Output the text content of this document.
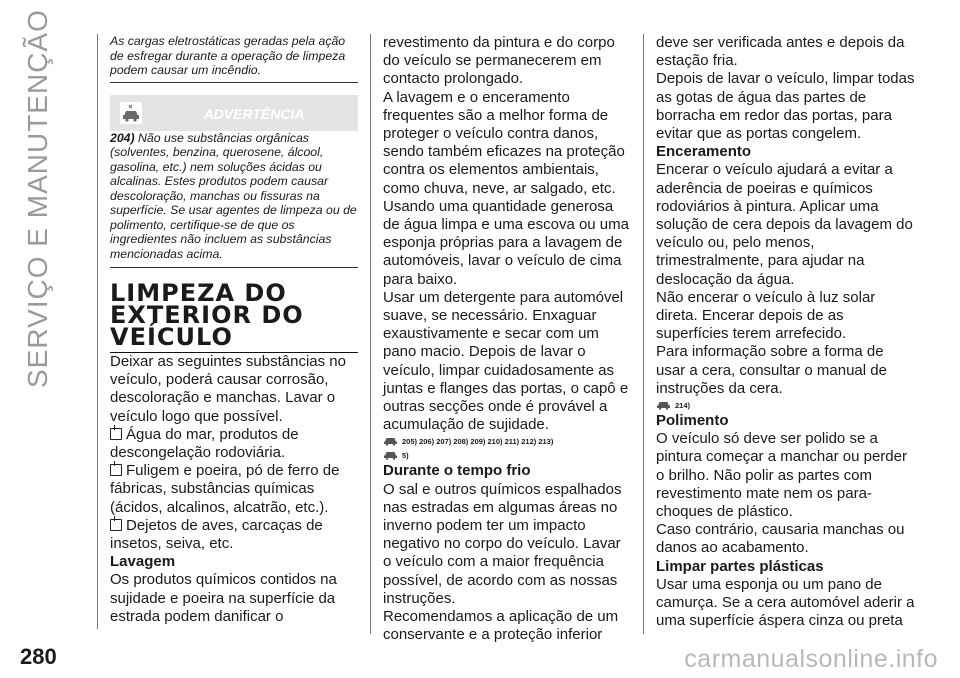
SERVIÇO E MANUTENÇÃO	As cargas eletrostáticas geradas pela ação de esfregar durante a operação de limpeza podem causar um incêndio.

ADVERTÊNCIA

204) Não use substâncias orgânicas (solventes, benzina, querosene, álcool, gasolina, etc.) nem soluções ácidas ou alcalinas. Estes produtos podem causar descoloração, manchas ou fissuras na superfície. Se usar agentes de limpeza ou de polimento, certifique-se de que os ingredientes não incluem as substâncias mencionadas acima.

LIMPEZA DO
EXTERIOR DO
VEÍCULO

Deixar as seguintes substâncias no veículo, poderá causar corrosão, descoloração e manchas. Lavar o veículo logo que possível.

Água do mar, produtos de descongelação rodoviária.

Fuligem e poeira, pó de ferro de fábricas, substâncias químicas (ácidos, alcalinos, alcatrão, etc.).

Dejetos de aves, carcaças de insetos, seiva, etc.

Lavagem

Os produtos químicos contidos na sujidade e poeira na superfície da estrada podem danificar o

revestimento da pintura e do corpo do veículo se permanecerem em contacto prolongado.

A lavagem e o enceramento frequentes são a melhor forma de proteger o veículo contra danos, sendo também eficazes na proteção contra os elementos ambientais, como chuva, neve, ar salgado, etc.

Usando uma quantidade generosa de água limpa e uma escova ou uma esponja próprias para a lavagem de automóveis, lavar o veículo de cima para baixo.

Usar um detergente para automóvel suave, se necessário. Enxaguar exaustivamente e secar com um pano macio. Depois de lavar o veículo, limpar cuidadosamente as juntas e flanges das portas, o capô e outras secções onde é provável a acumulação de sujidade.

205) 206) 207) 208) 209) 210) 211) 212) 213)
5)

Durante o tempo frio

O sal e outros químicos espalhados nas estradas em algumas áreas no inverno podem ter um impacto negativo no corpo do veículo. Lavar o veículo com a maior frequência possível, de acordo com as nossas instruções.

Recomendamos a aplicação de um conservante e a proteção inferior

deve ser verificada antes e depois da estação fria.

Depois de lavar o veículo, limpar todas as gotas de água das partes de borracha em redor das portas, para evitar que as portas congelem.

Enceramento

Encerar o veículo ajudará a evitar a aderência de poeiras e químicos rodoviários à pintura. Aplicar uma solução de cera depois da lavagem do veículo ou, pelo menos, trimestralmente, para ajudar na deslocação da água.

Não encerar o veículo à luz solar direta. Encerar depois de as superfícies terem arrefecido.

Para informação sobre a forma de usar a cera, consultar o manual de instruções da cera.

214)

Polimento

O veículo só deve ser polido se a pintura começar a manchar ou perder o brilho. Não polir as partes com revestimento mate nem os para-choques de plástico.

Caso contrário, causaria manchas ou danos ao acabamento.

Limpar partes plásticas

Usar uma esponja ou um pano de camurça. Se a cera automóvel aderir a uma superfície áspera cinza ou preta

280	carmanualsonline.info
